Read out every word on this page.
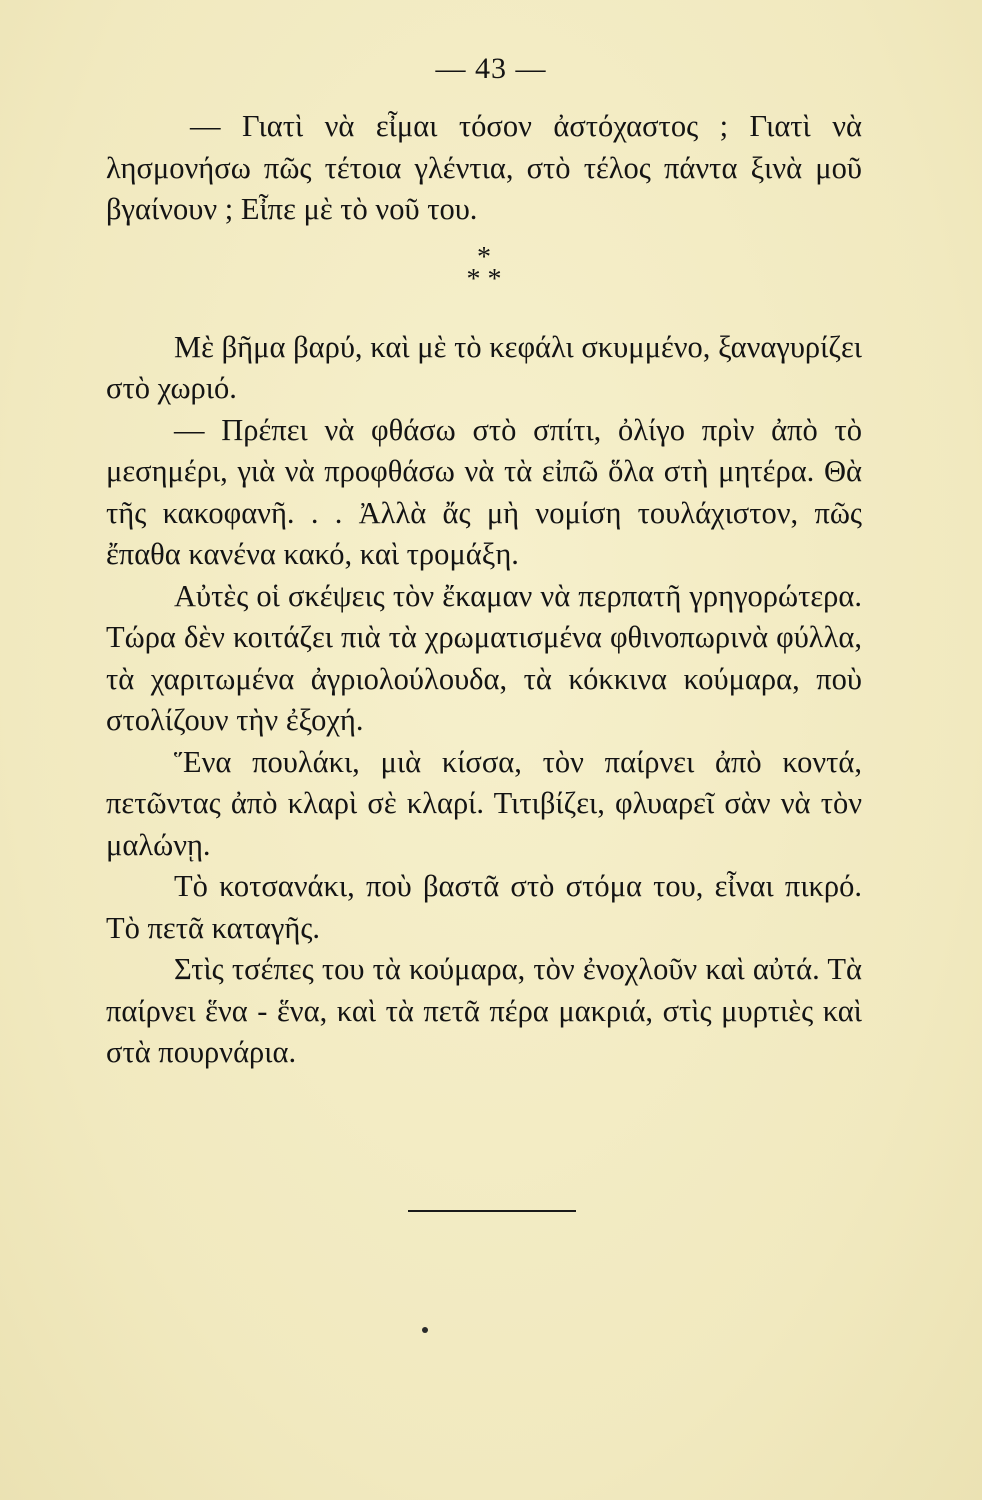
— 43 —

— Γιατὶ νὰ εἶμαι τόσον ἀστόχαστος ; Γιατὶ νὰ λησμονήσω πῶς τέτοια γλέντια, στὸ τέλος πάντα ξινὰ μοῦ βγαίνουν ; Εἶπε μὲ τὸ νοῦ του.

*
* *

Μὲ βῆμα βαρύ, καὶ μὲ τὸ κεφάλι σκυμμένο, ξαναγυρίζει στὸ χωριό.

— Πρέπει νὰ φθάσω στὸ σπίτι, ὀλίγο πρὶν ἀπὸ τὸ μεσημέρι, γιὰ νὰ προφθάσω νὰ τὰ εἰπῶ ὅλα στὴ μητέρα. Θὰ τῆς κακοφανῆ. . . Ἀλλὰ ἄς μὴ νομίση τουλάχιστον, πῶς ἔπαθα κανένα κακό, καὶ τρομάξη.

Αὐτὲς οἱ σκέψεις τὸν ἔκαμαν νὰ περπατῆ γρηγορώτερα. Τώρα δὲν κοιτάζει πιὰ τὰ χρωματισμένα φθινοπωρινὰ φύλλα, τὰ χαριτωμένα ἀγριολούλουδα, τὰ κόκκινα κούμαρα, ποὺ στολίζουν τὴν ἐξοχή.

Ἕνα πουλάκι, μιὰ κίσσα, τὸν παίρνει ἀπὸ κοντά, πετῶντας ἀπὸ κλαρὶ σὲ κλαρί. Τιτιβίζει, φλυαρεῖ σὰν νὰ τὸν μαλώνῃ.

Τὸ κοτσανάκι, ποὺ βαστᾶ στὸ στόμα του, εἶναι πικρό. Τὸ πετᾶ καταγῆς.

Στὶς τσέπες του τὰ κούμαρα, τὸν ἐνοχλοῦν καὶ αὐτά. Τὰ παίρνει ἕνα - ἕνα, καὶ τὰ πετᾶ πέρα μακριά, στὶς μυρτιὲς καὶ στὰ πουρνάρια.
